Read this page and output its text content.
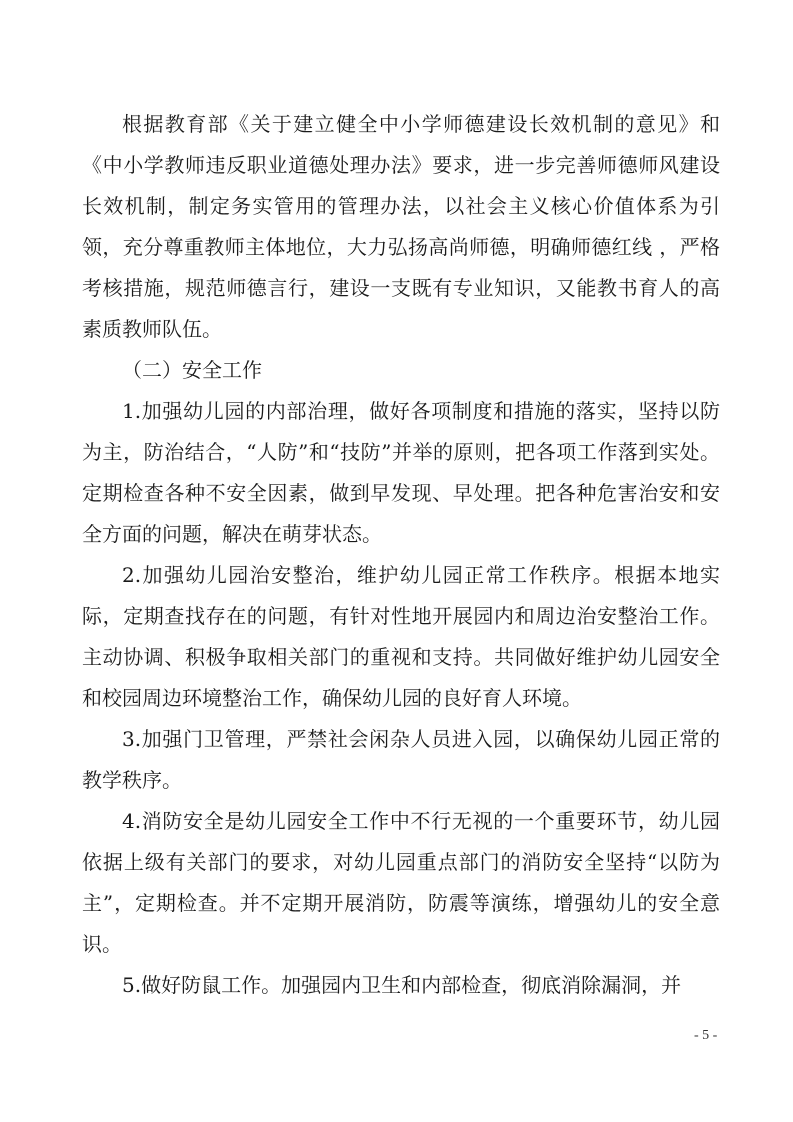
根据教育部《关于建立健全中小学师德建设长效机制的意见》和《中小学教师违反职业道德处理办法》要求，进一步完善师德师风建设长效机制，制定务实管用的管理办法，以社会主义核心价值体系为引领，充分尊重教师主体地位，大力弘扬高尚师德，明确师德红线 ，严格考核措施，规范师德言行，建设一支既有专业知识，又能教书育人的高素质教师队伍。

（二）安全工作

1.加强幼儿园的内部治理，做好各项制度和措施的落实，坚持以防为主，防治结合，“人防”和“技防”并举的原则，把各项工作落到实处。定期检查各种不安全因素，做到早发现、早处理。把各种危害治安和安全方面的问题，解决在萌芽状态。

2.加强幼儿园治安整治，维护幼儿园正常工作秩序。根据本地实际，定期查找存在的问题，有针对性地开展园内和周边治安整治工作。主动协调、积极争取相关部门的重视和支持。共同做好维护幼儿园安全和校园周边环境整治工作，确保幼儿园的良好育人环境。

3.加强门卫管理，严禁社会闲杂人员进入园，以确保幼儿园正常的教学秩序。

4.消防安全是幼儿园安全工作中不行无视的一个重要环节，幼儿园依据上级有关部门的要求，对幼儿园重点部门的消防安全坚持“以防为主”，定期检查。并不定期开展消防，防震等演练，增强幼儿的安全意识。

5.做好防鼠工作。加强园内卫生和内部检查，彻底消除漏洞，并

- 5 -
